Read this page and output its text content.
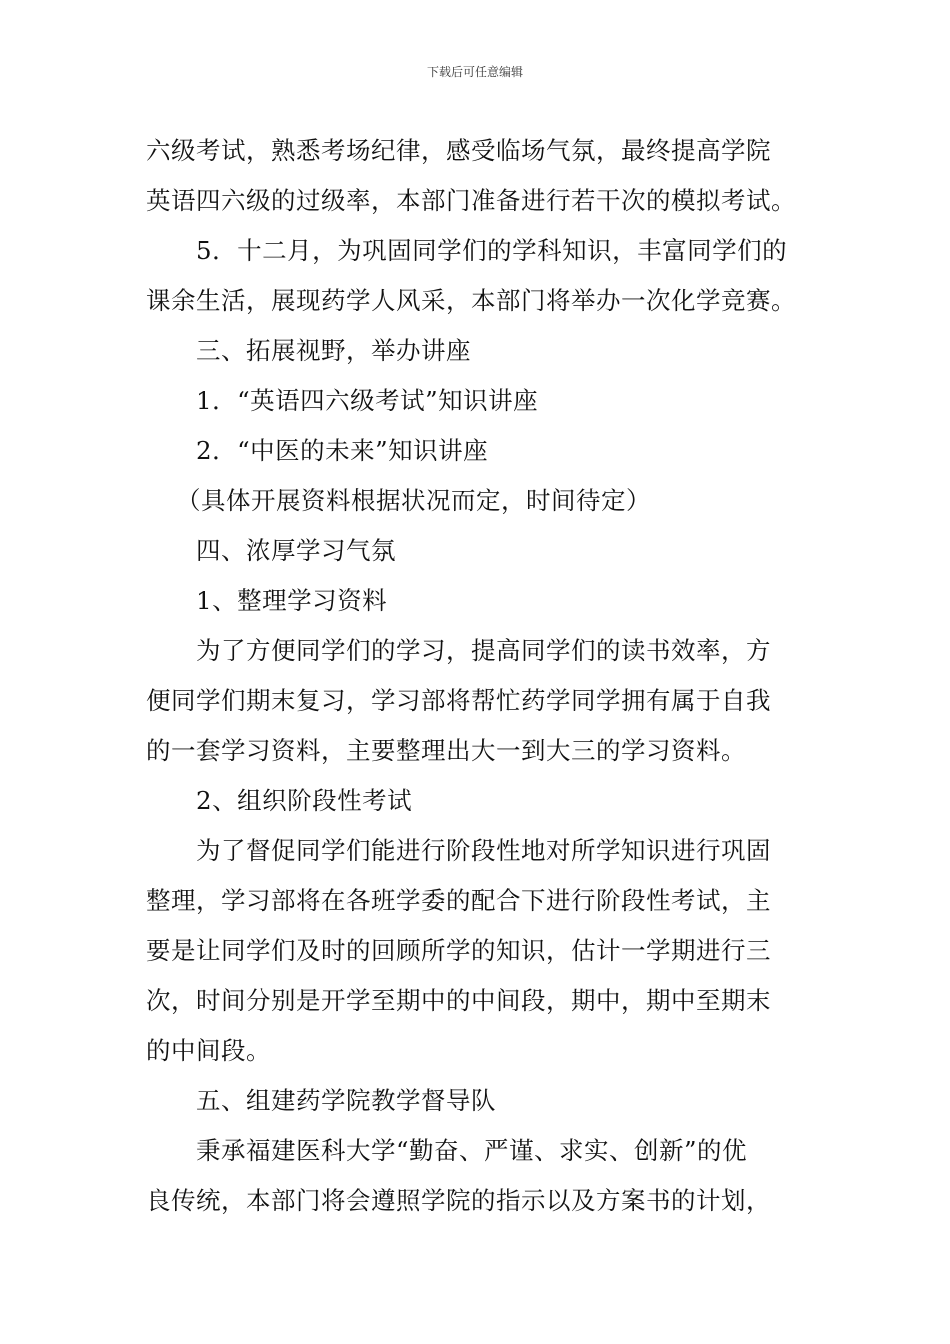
下载后可任意编辑
六级考试，熟悉考场纪律，感受临场气氛，最终提高学院
英语四六级的过级率，本部门准备进行若干次的模拟考试。
5．十二月，为巩固同学们的学科知识，丰富同学们的
课余生活，展现药学人风采，本部门将举办一次化学竞赛。
三、拓展视野，举办讲座
1．“英语四六级考试”知识讲座
2．“中医的未来”知识讲座
（具体开展资料根据状况而定，时间待定）
四、浓厚学习气氛
1、整理学习资料
为了方便同学们的学习，提高同学们的读书效率，方
便同学们期末复习，学习部将帮忙药学同学拥有属于自我
的一套学习资料，主要整理出大一到大三的学习资料。
2、组织阶段性考试
为了督促同学们能进行阶段性地对所学知识进行巩固
整理，学习部将在各班学委的配合下进行阶段性考试，主
要是让同学们及时的回顾所学的知识，估计一学期进行三
次，时间分别是开学至期中的中间段，期中，期中至期末
的中间段。
五、组建药学院教学督导队
秉承福建医科大学“勤奋、严谨、求实、创新”的优
良传统，本部门将会遵照学院的指示以及方案书的计划，
